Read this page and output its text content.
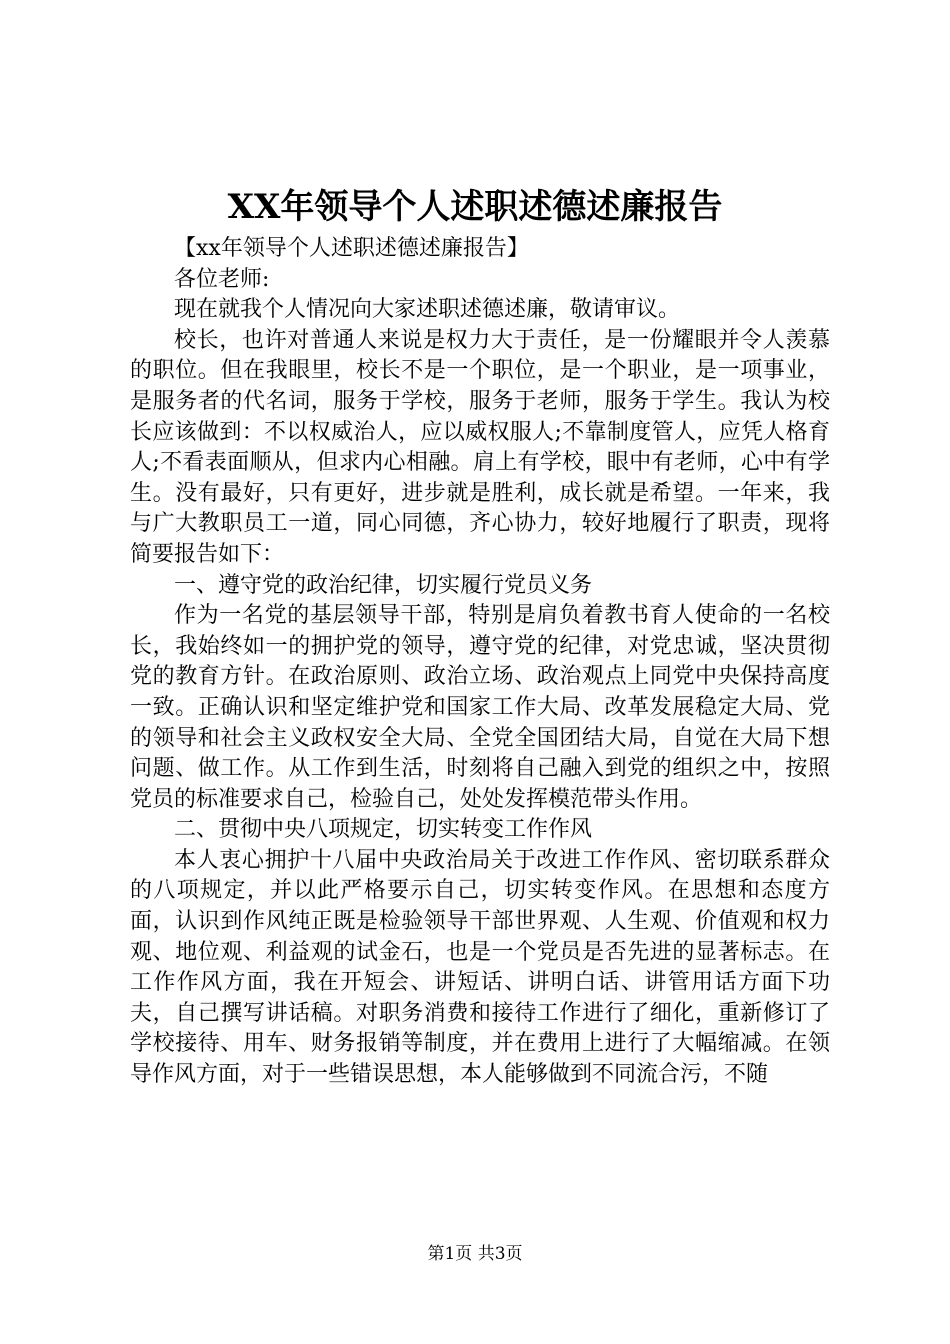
XX年领导个人述职述德述廉报告

【xx年领导个人述职述德述廉报告】

各位老师:

现在就我个人情况向大家述职述德述廉，敬请审议。

校长，也许对普通人来说是权力大于责任，是一份耀眼并令人羡慕的职位。但在我眼里，校长不是一个职位，是一个职业，是一项事业，是服务者的代名词，服务于学校，服务于老师，服务于学生。我认为校长应该做到：不以权威治人，应以威权服人;不靠制度管人，应凭人格育人;不看表面顺从，但求内心相融。肩上有学校，眼中有老师，心中有学生。没有最好，只有更好，进步就是胜利，成长就是希望。一年来，我与广大教职员工一道，同心同德，齐心协力，较好地履行了职责，现将简要报告如下：

一、遵守党的政治纪律，切实履行党员义务

作为一名党的基层领导干部，特别是肩负着教书育人使命的一名校长，我始终如一的拥护党的领导，遵守党的纪律，对党忠诚，坚决贯彻党的教育方针。在政治原则、政治立场、政治观点上同党中央保持高度一致。正确认识和坚定维护党和国家工作大局、改革发展稳定大局、党的领导和社会主义政权安全大局、全党全国团结大局，自觉在大局下想问题、做工作。从工作到生活，时刻将自己融入到党的组织之中，按照党员的标准要求自己，检验自己，处处发挥模范带头作用。

二、贯彻中央八项规定，切实转变工作作风

本人衷心拥护十八届中央政治局关于改进工作作风、密切联系群众的八项规定，并以此严格要示自己，切实转变作风。在思想和态度方面，认识到作风纯正既是检验领导干部世界观、人生观、价值观和权力观、地位观、利益观的试金石，也是一个党员是否先进的显著标志。在工作作风方面，我在开短会、讲短话、讲明白话、讲管用话方面下功夫，自己撰写讲话稿。对职务消费和接待工作进行了细化，重新修订了学校接待、用车、财务报销等制度，并在费用上进行了大幅缩减。在领导作风方面，对于一些错误思想，本人能够做到不同流合污，不随

第1页 共3页
